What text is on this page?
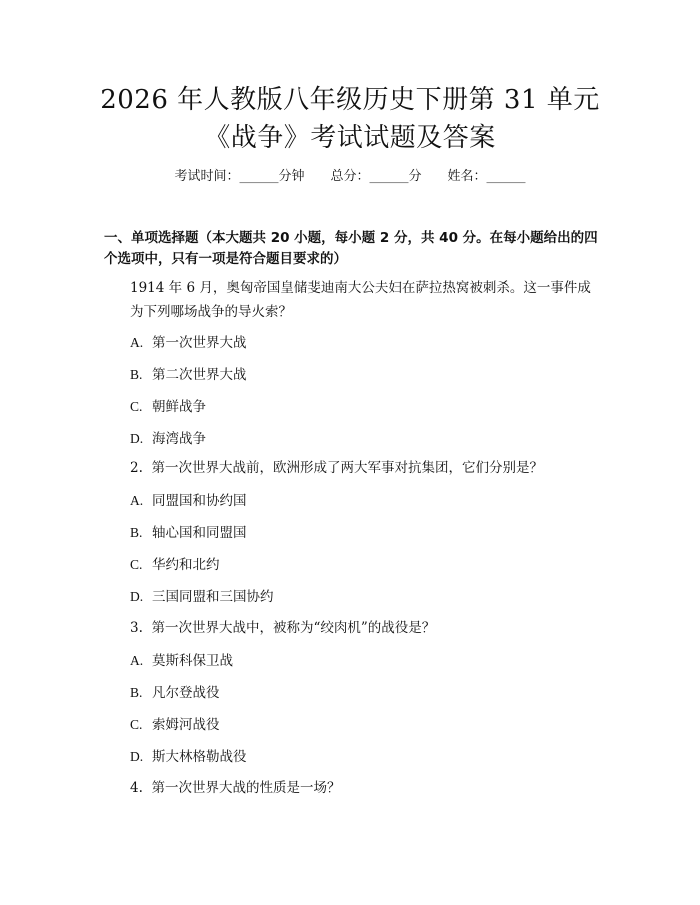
2026 年人教版八年级历史下册第 31 单元
《战争》考试试题及答案
考试时间：______分钟 总分：______分 姓名：______
一、单项选择题（本大题共 20 小题，每小题 2 分，共 40 分。在每小题给出的四个选项中，只有一项是符合题目要求的）
1914 年 6 月，奥匈帝国皇储斐迪南大公夫妇在萨拉热窝被刺杀。这一事件成为下列哪场战争的导火索？
A. 第一次世界大战
B. 第二次世界大战
C. 朝鲜战争
D. 海湾战争
2. 第一次世界大战前，欧洲形成了两大军事对抗集团，它们分别是？
A. 同盟国和协约国
B. 轴心国和同盟国
C. 华约和北约
D. 三国同盟和三国协约
3. 第一次世界大战中，被称为“绞肉机”的战役是？
A. 莫斯科保卫战
B. 凡尔登战役
C. 索姆河战役
D. 斯大林格勒战役
4. 第一次世界大战的性质是一场？
